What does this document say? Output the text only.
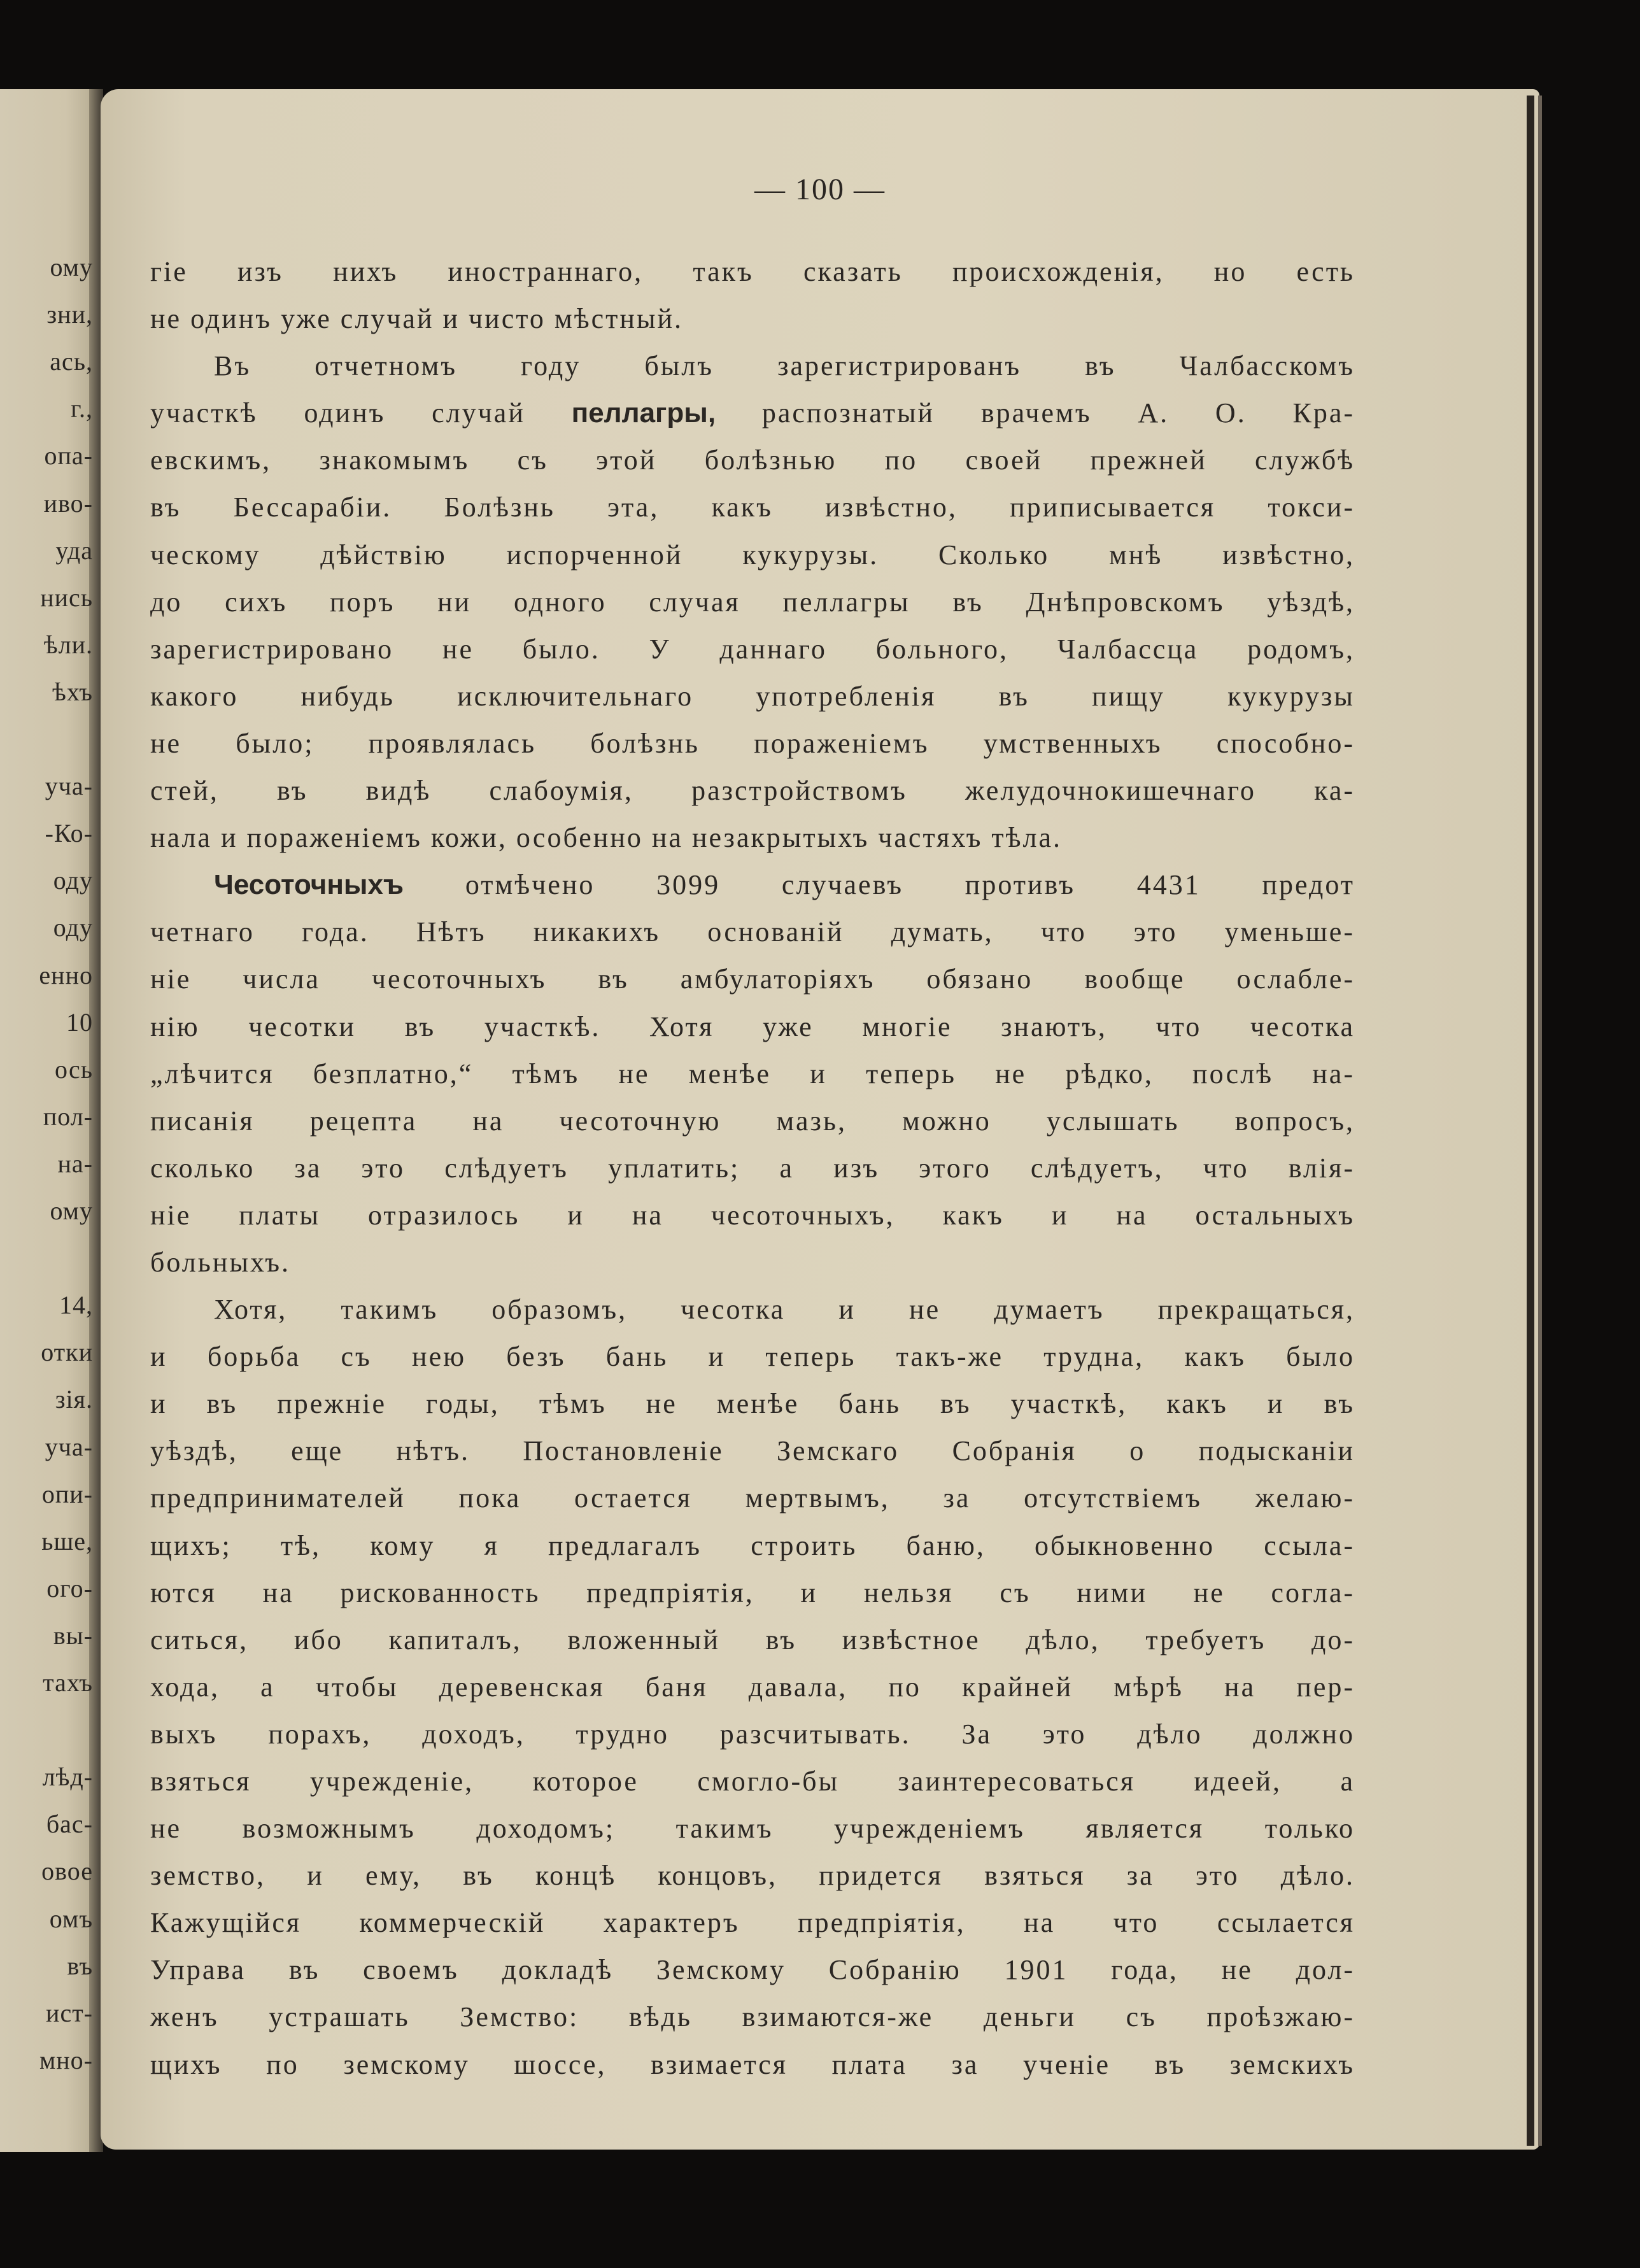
ому
зни,
ась,
г.,
опа-
иво-
уда
нись
ѣли.
ѣхъ
уча-
-Ко-
оду
оду
енно
10
ось
пол-
на-
ому
14,
отки
зія.
уча-
опи-
ьше,
ого-
вы-
тахъ
лѣд-
бас-
овое
омъ
въ
ист-
мно-
— 100 —
гіе изъ нихъ иностраннаго, такъ сказать происхожденія, но есть
не одинъ уже случай и чисто мѣстный.
Въ отчетномъ году былъ зарегистрированъ въ Чалбасскомъ
участкѣ одинъ случай пеллагры, распознатый врачемъ А. О. Кра-
евскимъ, знакомымъ съ этой болѣзнью по своей прежней службѣ
въ Бессарабіи. Болѣзнь эта, какъ извѣстно, приписывается токси-
ческому дѣйствію испорченной кукурузы. Сколько мнѣ извѣстно,
до сихъ поръ ни одного случая пеллагры въ Днѣпровскомъ уѣздѣ,
зарегистрировано не было. У даннаго больного, Чалбассца родомъ,
какого нибудь исключительнаго употребленія въ пищу кукурузы
не было; проявлялась болѣзнь пораженіемъ умственныхъ способно-
стей, въ видѣ слабоумія, разстройствомъ желудочнокишечнаго ка-
нала и пораженіемъ кожи, особенно на незакрытыхъ частяхъ тѣла.
Чесоточныхъ отмѣчено 3099 случаевъ противъ 4431 предот
четнаго года. Нѣтъ никакихъ основаній думать, что это уменьше-
ніе числа чесоточныхъ въ амбулаторіяхъ обязано вообще ослабле-
нію чесотки въ участкѣ. Хотя уже многіе знаютъ, что чесотка
„лѣчится безплатно,“ тѣмъ не менѣе и теперь не рѣдко, послѣ на-
писанія рецепта на чесоточную мазь, можно услышать вопросъ,
сколько за это слѣдуетъ уплатить; а изъ этого слѣдуетъ, что влія-
ніе платы отразилось и на чесоточныхъ, какъ и на остальныхъ
больныхъ.
Хотя, такимъ образомъ, чесотка и не думаетъ прекращаться,
и борьба съ нею безъ бань и теперь такъ-же трудна, какъ было
и въ прежніе годы, тѣмъ не менѣе бань въ участкѣ, какъ и въ
уѣздѣ, еще нѣтъ. Постановленіе Земскаго Собранія о подысканіи
предпринимателей пока остается мертвымъ, за отсутствіемъ желаю-
щихъ; тѣ, кому я предлагалъ строить баню, обыкновенно ссыла-
ются на рискованность предпріятія, и нельзя съ ними не согла-
ситься, ибо капиталъ, вложенный въ извѣстное дѣло, требуетъ до-
хода, а чтобы деревенская баня давала, по крайней мѣрѣ на пер-
выхъ порахъ, доходъ, трудно разсчитывать. За это дѣло должно
взяться учрежденіе, которое смогло-бы заинтересоваться идеей, а
не возможнымъ доходомъ; такимъ учрежденіемъ является только
земство, и ему, въ концѣ концовъ, придется взяться за это дѣло.
Кажущійся коммерческій характеръ предпріятія, на что ссылается
Управа въ своемъ докладѣ Земскому Собранію 1901 года, не дол-
женъ устрашать Земство: вѣдь взимаются-же деньги съ проѣзжаю-
щихъ по земскому шоссе, взимается плата за ученіе въ земскихъ
